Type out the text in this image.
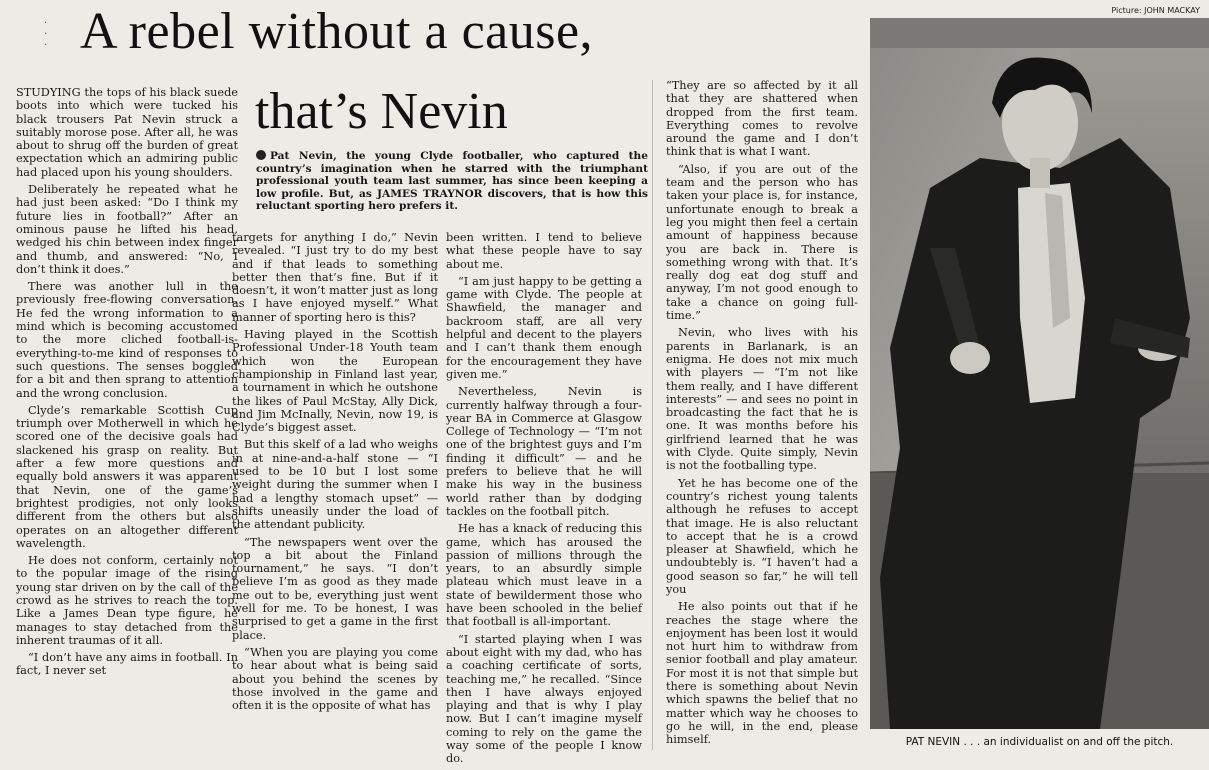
·
·
· A rebel without a cause,
that’s Nevin
Pat Nevin, the young Clyde footballer, who captured the country’s imagination when he starred with the triumphant professional youth team last summer, has since been keeping a low profile. But, as JAMES TRAYNOR discovers, that is how this reluctant sporting hero prefers it.

STUDYING the tops of his black suede boots into which were tucked his black trousers Pat Nevin struck a suitably morose pose. After all, he was about to shrug off the burden of great expectation which an admiring public had placed upon his young shoulders.

Deliberately he repeated what he had just been asked: “Do I think my future lies in football?” After an ominous pause he lifted his head, wedged his chin between index finger and thumb, and answered: “No, I don’t think it does.”

There was another lull in the previously free-flowing conversation. He fed the wrong information to a mind which is becoming accustomed to the more cliched football-is-everything-to-me kind of responses to such questions. The senses boggled for a bit and then sprang to attention and the wrong conclusion.

Clyde’s remarkable Scottish Cup triumph over Motherwell in which he scored one of the decisive goals had slackened his grasp on reality. But after a few more questions and equally bold answers it was apparent that Nevin, one of the game’s brightest prodigies, not only looks different from the others but also operates on an altogether different wavelength.

He does not conform, certainly not to the popular image of the rising young star driven on by the call of the crowd as he strives to reach the top. Like a James Dean type figure, he manages to stay detached from the inherent traumas of it all.

“I don’t have any aims in football. In fact, I never set

targets for anything I do,” Nevin revealed. “I just try to do my best and if that leads to something better then that’s fine. But if it doesn’t, it won’t matter just as long as I have enjoyed myself.” What manner of sporting hero is this?

Having played in the Scottish Professional Under-18 Youth team which won the European championship in Finland last year, a tournament in which he outshone the likes of Paul McStay, Ally Dick, and Jim McInally, Nevin, now 19, is Clyde’s biggest asset.

But this skelf of a lad who weighs in at nine-and-a-half stone — “I used to be 10 but I lost some weight during the summer when I had a lengthy stomach upset” — shifts uneasily under the load of the attendant publicity.

“The newspapers went over the top a bit about the Finland tournament,” he says. “I don’t believe I’m as good as they made me out to be, everything just went well for me. To be honest, I was surprised to get a game in the first place.

“When you are playing you come to hear about what is being said about you behind the scenes by those involved in the game and often it is the opposite of what has

been written. I tend to believe what these people have to say about me.

“I am just happy to be getting a game with Clyde. The people at Shawfield, the manager and backroom staff, are all very helpful and decent to the players and I can’t thank them enough for the encouragement they have given me.”

Nevertheless, Nevin is currently halfway through a four-year BA in Commerce at Glasgow College of Technology — “I’m not one of the brightest guys and I’m finding it difficult” — and he prefers to believe that he will make his way in the business world rather than by dodging tackles on the football pitch.

He has a knack of reducing this game, which has aroused the passion of millions through the years, to an absurdly simple plateau which must leave in a state of bewilderment those who have been schooled in the belief that football is all-important.

“I started playing when I was about eight with my dad, who has a coaching certificate of sorts, teaching me,” he recalled. “Since then I have always enjoyed playing and that is why I play now. But I can’t imagine myself coming to rely on the game the way some of the people I know do.

“They are so affected by it all that they are shattered when dropped from the first team. Everything comes to revolve around the game and I don’t think that is what I want.

“Also, if you are out of the team and the person who has taken your place is, for instance, unfortunate enough to break a leg you might then feel a certain amount of happiness because you are back in. There is something wrong with that. It’s really dog eat dog stuff and anyway, I’m not good enough to take a chance on going full-time.”

Nevin, who lives with his parents in Barlanark, is an enigma. He does not mix much with players — “I’m not like them really, and I have different interests” — and sees no point in broadcasting the fact that he is one. It was months before his girlfriend learned that he was with Clyde. Quite simply, Nevin is not the footballing type.

Yet he has become one of the country’s richest young talents although he refuses to accept that image. He is also reluctant to accept that he is a crowd pleaser at Shawfield, which he undoubtebly is. “I haven’t had a good season so far,” he will tell you

He also points out that if he reaches the stage where the enjoyment has been lost it would not hurt him to withdraw from senior football and play amateur. For most it is not that simple but there is something about Nevin which spawns the belief that no matter which way he chooses to go he will, in the end, please himself.

Picture: JOHN MACKAY
PAT NEVIN . . . an individualist on and off the pitch.
